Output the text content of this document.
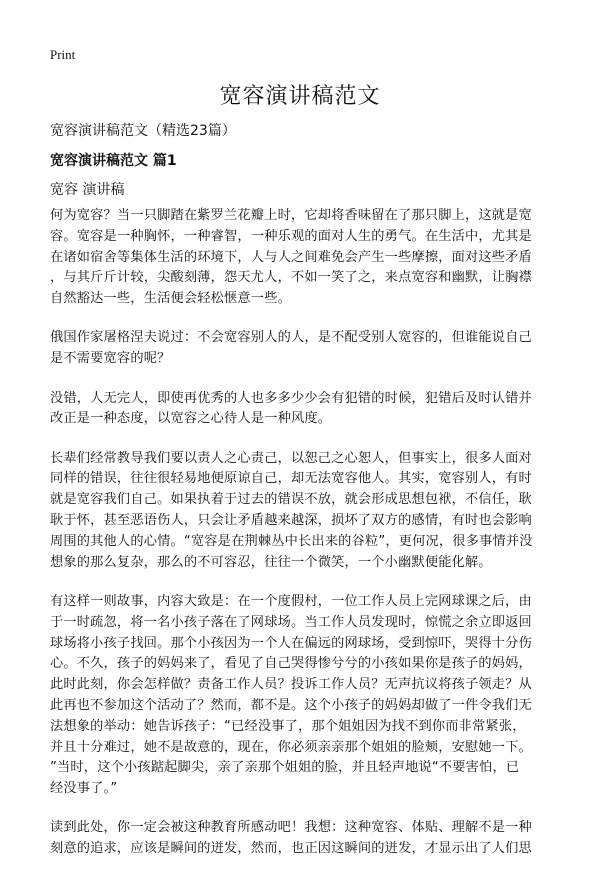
Print
宽容演讲稿范文
宽容演讲稿范文（精选23篇）
宽容演讲稿范文 篇1
宽容 演讲稿
何为宽容？当一只脚踏在紫罗兰花瓣上时，它却将香味留在了那只脚上，这就是宽
容。宽容是一种胸怀，一种睿智，一种乐观的面对人生的勇气。在生活中，尤其是
在诸如宿舍等集体生活的环境下，人与人之间难免会产生一些摩擦，面对这些矛盾
，与其斤斤计较，尖酸刻薄，怨天尤人，不如一笑了之，来点宽容和幽默，让胸襟
自然豁达一些，生活便会轻松惬意一些。
俄国作家屠格涅夫说过：不会宽容别人的人，是不配受别人宽容的，但谁能说自己
是不需要宽容的呢？
没错，人无完人，即使再优秀的人也多多少少会有犯错的时候，犯错后及时认错并
改正是一种态度，以宽容之心待人是一种风度。
长辈们经常教导我们要以责人之心责己，以恕己之心恕人，但事实上，很多人面对
同样的错误，往往很轻易地便原谅自己，却无法宽容他人。其实，宽容别人，有时
就是宽容我们自己。如果执着于过去的错误不放，就会形成思想包袱，不信任，耿
耿于怀，甚至恶语伤人，只会让矛盾越来越深，损坏了双方的感情，有时也会影响
周围的其他人的心情。“宽容是在荆棘丛中长出来的谷粒”，更何况，很多事情并没
想象的那么复杂，那么的不可容忍，往往一个微笑，一个小幽默便能化解。
有这样一则故事，内容大致是：在一个度假村，一位工作人员上完网球课之后，由
于一时疏忽，将一名小孩子落在了网球场。当工作人员发现时，惊慌之余立即返回
球场将小孩子找回。那个小孩因为一个人在偏远的网球场，受到惊吓，哭得十分伤
心。不久，孩子的妈妈来了，看见了自己哭得惨兮兮的小孩如果你是孩子的妈妈，
此时此刻，你会怎样做？责备工作人员？投诉工作人员？无声抗议将孩子领走？从
此再也不参加这个活动了？然而，都不是。这个小孩子的妈妈却做了一件令我们无
法想象的举动：她告诉孩子：“已经没事了，那个姐姐因为找不到你而非常紧张，
并且十分难过，她不是故意的，现在，你必须亲亲那个姐姐的脸颊，安慰她一下。
”当时，这个小孩踮起脚尖，亲了亲那个姐姐的脸，并且轻声地说“不要害怕，已
经没事了。”
读到此处，你一定会被这种教育所感动吧！我想：这种宽容、体贴、理解不是一种
刻意的追求，应该是瞬间的迸发，然而，也正因这瞬间的迸发，才显示出了人们思
